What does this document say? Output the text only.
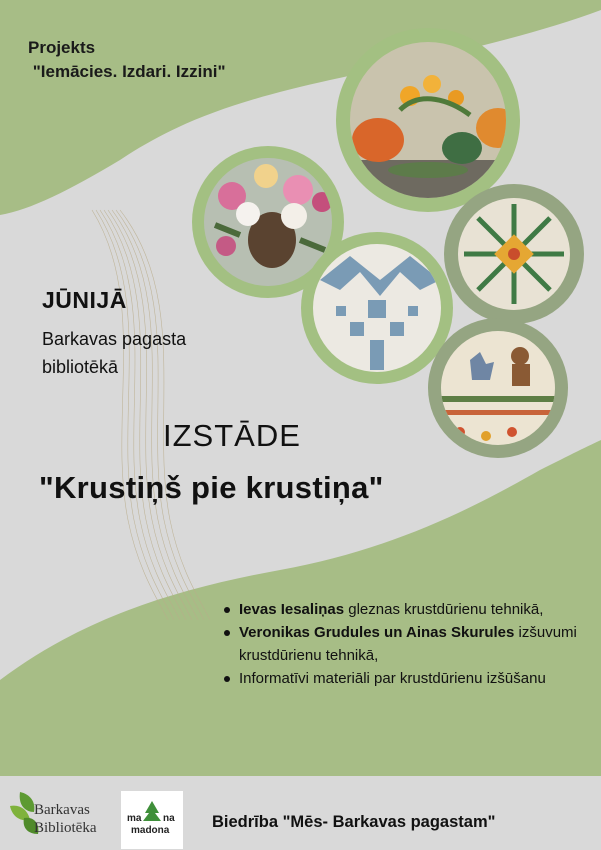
Projekts
"Iemācies. Izdari. Izzini"
JŪNIJĀ
Barkavas pagasta bibliotēkā
IZSTĀDE
"Krustiņš pie krustiņa"
Ievas Iesaliņas gleznas krustdūrienu tehnikā,
Veronikas Grudules un Ainas Skurules izšuvumi krustdūrienu tehnikā,
Informatīvi materiāli par krustdūrienu izšūšanu
Barkavas
Bibliotēka
ma na
madona	Biedrība "Mēs- Barkavas pagastam"
